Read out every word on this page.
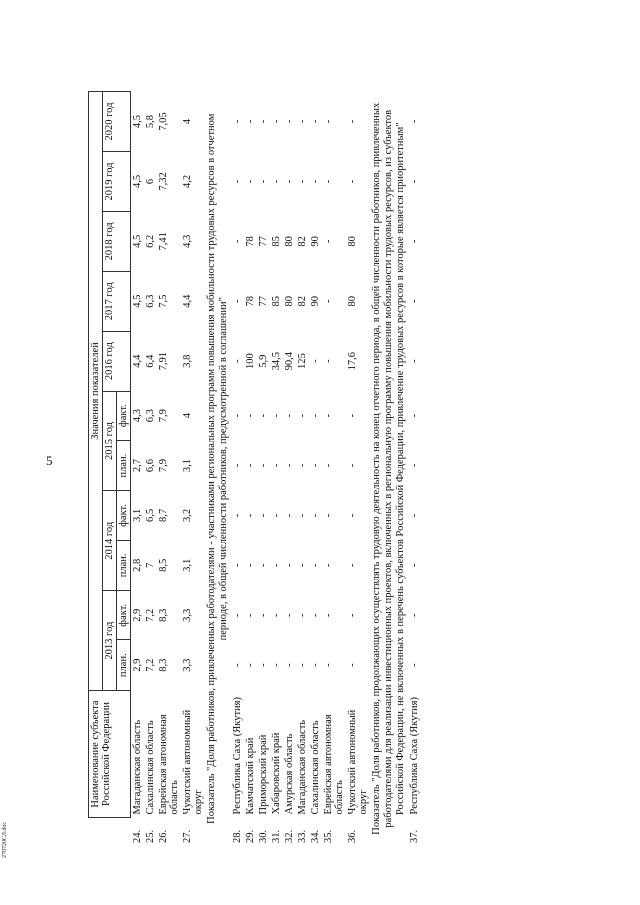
5
270720СЛ.doc
	Наименование субъекта Российской Федерации	Значения показателей										
		2013 год		2014 год		2015 год		2016 год	2017 год	2018 год	2019 год	2020 год
		план.	факт.	план.	факт.	план.	факт.					
24.	Магаданская область	2,9	2,9	2,8	3,1	2,7	4,3	4,4	4,5	4,5	4,5	4,5
25.	Сахалинская область	7,2	7,2	7	6,5	6,6	6,3	6,4	6,3	6,2	6	5,8
26.	Еврейская автономная область	8,3	8,3	8,5	8,7	7,9	7,9	7,91	7,5	7,41	7,32	7,05
27.	Чукотский автономный округ	3,3	3,3	3,1	3,2	3,1	4	3,8	4,4	4,3	4,2	4
Показатель "Доля работников, привлеченных работодателями - участниками региональных программ повышения мобильности трудовых ресурсов в отчетном периоде, в общей численности работников, предусмотренной в соглашении"												
28.	Республика Саха (Якутия)	-	-	-	-	-	-	-	-	-	-	-
29.	Камчатский край	-	-	-	-	-	-	100	78	78	-	-
30.	Приморский край	-	-	-	-	-	-	5,9	77	77	-	-
31.	Хабаровский край	-	-	-	-	-	-	34,5	85	85	-	-
32.	Амурская область	-	-	-	-	-	-	90,4	80	80	-	-
33.	Магаданская область	-	-	-	-	-	-	125	82	82	-	-
34.	Сахалинская область	-	-	-	-	-	-	-	90	90	-	-
35.	Еврейская автономная область	-	-	-	-	-	-	-	-	-	-	-
36.	Чукотский автономный округ	-	-	-	-	-	-	17,6	80	80	-	-
Показатель "Доля работников, продолжающих осуществлять трудовую деятельность на конец отчетного периода, в общей численности работников, привлеченных работодателями для реализации инвестиционных проектов, включенных в региональную программу повышения мобильности трудовых ресурсов, из субъектов Российской Федерации, не включенных в перечень субъектов Российской Федерации, привлечение трудовых ресурсов в которые является приоритетным"												
37.	Республика Саха (Якутия)	-	-	-	-	-	-	-	-	-	-	-
